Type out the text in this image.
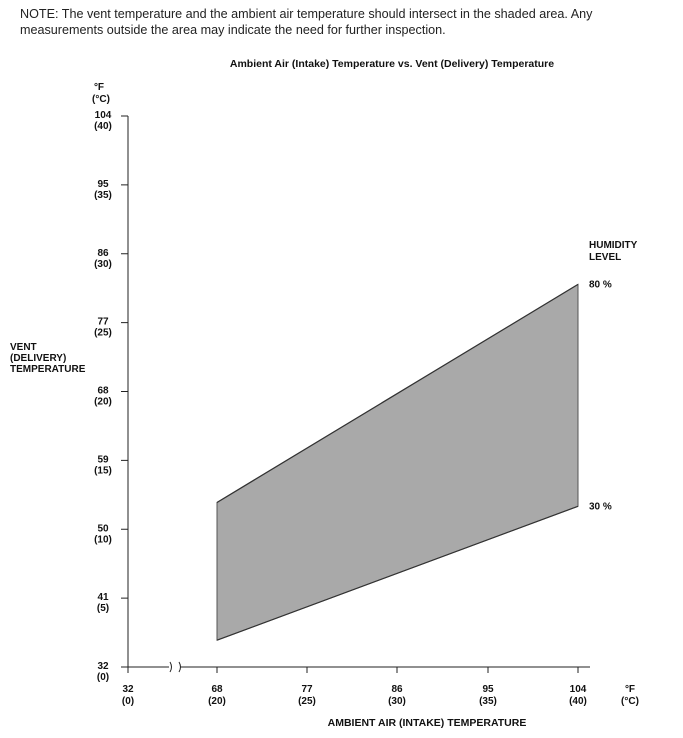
NOTE: The vent temperature and the ambient air temperature should intersect in the shaded area. Any measurements outside the area may indicate the need for further inspection.
Ambient Air (Intake) Temperature vs. Vent (Delivery) Temperature
32
(0)
41
(5)
50
(10)
59
(15)
68
(20)
77
(25)
86
(30)
95
(35)
104
(40)
32
(0)
68
(20)
77
(25)
86
(30)
95
(35)
104
(40)
°F
(°C)
°F
(°C)
VENT
(DELIVERY)
TEMPERATURE
AMBIENT AIR (INTAKE) TEMPERATURE
HUMIDITY
LEVEL
80 %
30 %
